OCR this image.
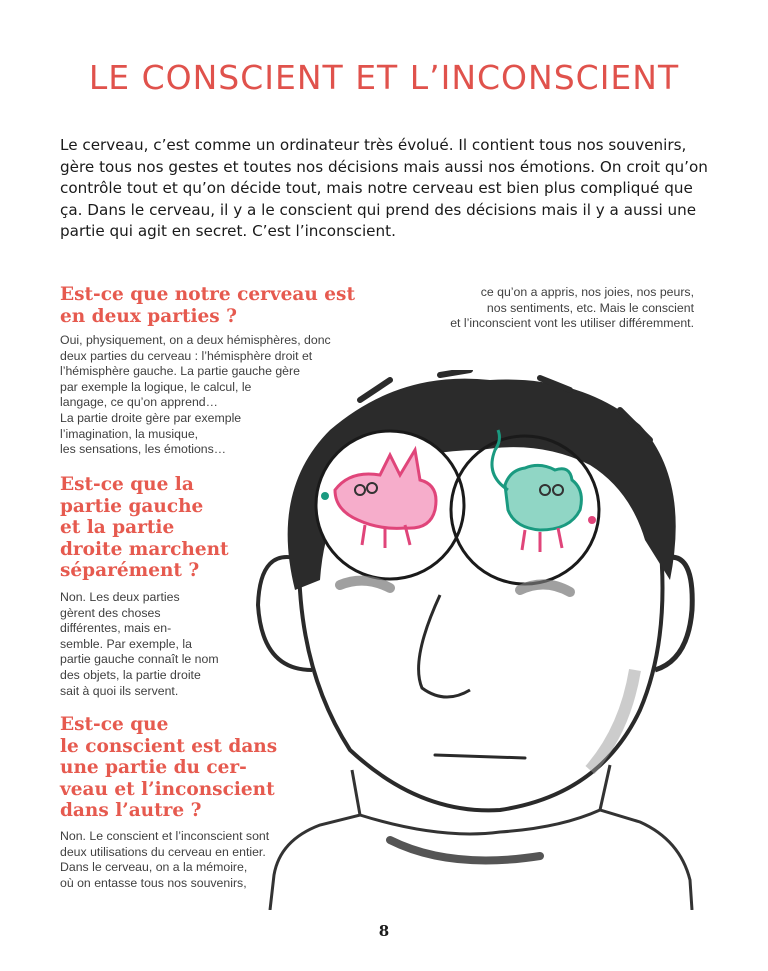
LE CONSCIENT ET L’INCONSCIENT

Le cerveau, c’est comme un ordinateur très évolué. Il contient tous nos souvenirs,
gère tous nos gestes et toutes nos décisions mais aussi nos émotions. On croit qu’on
contrôle tout et qu’on décide tout, mais notre cerveau est bien plus compliqué que
ça. Dans le cerveau, il y a le conscient qui prend des décisions mais il y a aussi une
partie qui agit en secret. C’est l’inconscient.

Est-ce que notre cerveau est
en deux parties ?

Oui, physiquement, on a deux hémisphères, donc
deux parties du cerveau : l’hémisphère droit et
l’hémisphère gauche. La partie gauche gère
par exemple la logique, le calcul, le
langage, ce qu’on apprend…
La partie droite gère par exemple
l’imagination, la musique,
les sensations, les émotions…

Est-ce que la
partie gauche
et la partie
droite marchent
séparément ?

Non. Les deux parties
gèrent des choses
différentes, mais en-
semble. Par exemple, la
partie gauche connaît le nom
des objets, la partie droite
sait à quoi ils servent.

Est-ce que
le conscient est dans
une partie du cer-
veau et l’inconscient
dans l’autre ?

Non. Le conscient et l’inconscient sont
deux utilisations du cerveau en entier.
Dans le cerveau, on a la mémoire,
où on entasse tous nos souvenirs,

ce qu’on a appris, nos joies, nos peurs,
nos sentiments, etc. Mais le conscient
et l’inconscient vont les utiliser différemment.

8
